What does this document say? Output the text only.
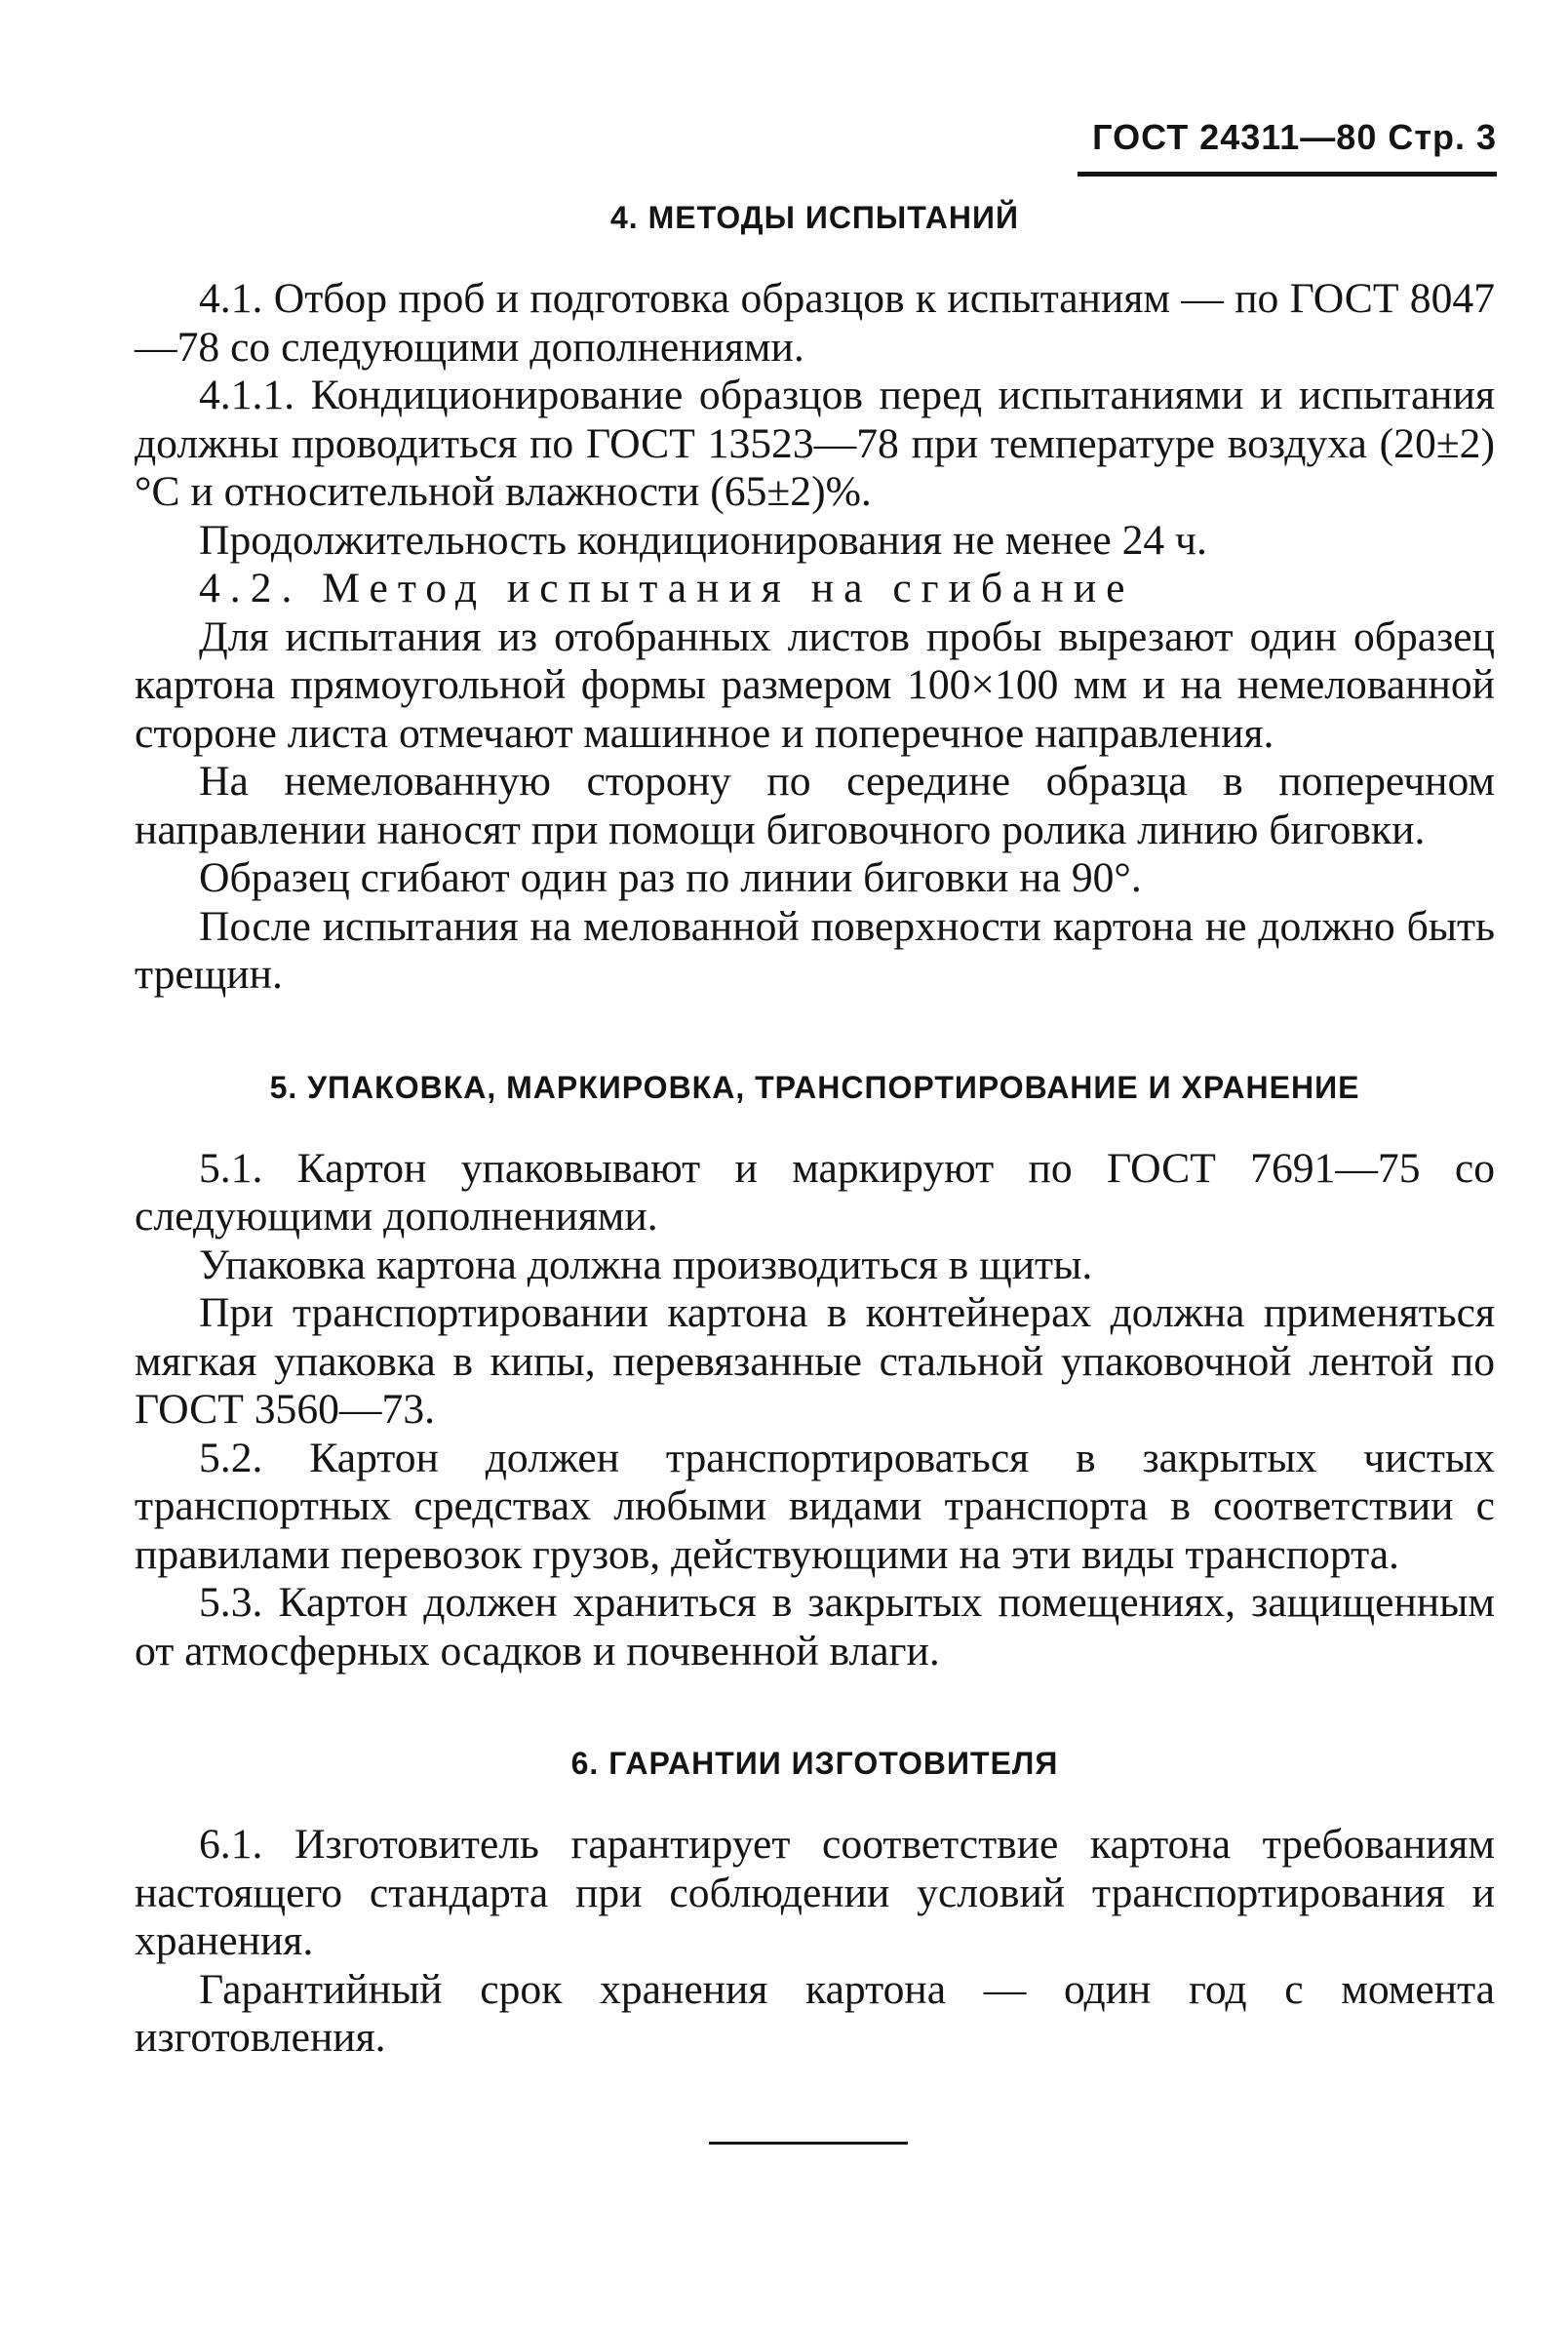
ГОСТ 24311—80 Стр. 3
4. МЕТОДЫ ИСПЫТАНИЙ

4.1. Отбор проб и подготовка образцов к испытаниям — по ГОСТ 8047—78 со следующими дополнениями.

4.1.1. Кондиционирование образцов перед испытаниями и испытания должны проводиться по ГОСТ 13523—78 при температуре воздуха (20±2)°С и относительной влажности (65±2)%.

Продолжительность кондиционирования не менее 24 ч.

4.2. Метод испытания на сгибание

Для испытания из отобранных листов пробы вырезают один образец картона прямоугольной формы размером 100×100 мм и на немелованной стороне листа отмечают машинное и поперечное направления.

На немелованную сторону по середине образца в поперечном направлении наносят при помощи биговочного ролика линию биговки.

Образец сгибают один раз по линии биговки на 90°.

После испытания на мелованной поверхности картона не должно быть трещин.

5. УПАКОВКА, МАРКИРОВКА, ТРАНСПОРТИРОВАНИЕ И ХРАНЕНИЕ

5.1. Картон упаковывают и маркируют по ГОСТ 7691—75 со следующими дополнениями.

Упаковка картона должна производиться в щиты.

При транспортировании картона в контейнерах должна применяться мягкая упаковка в кипы, перевязанные стальной упаковочной лентой по ГОСТ 3560—73.

5.2. Картон должен транспортироваться в закрытых чистых транспортных средствах любыми видами транспорта в соответствии с правилами перевозок грузов, действующими на эти виды транспорта.

5.3. Картон должен храниться в закрытых помещениях, защищенным от атмосферных осадков и почвенной влаги.

6. ГАРАНТИИ ИЗГОТОВИТЕЛЯ

6.1. Изготовитель гарантирует соответствие картона требованиям настоящего стандарта при соблюдении условий транспортирования и хранения.

Гарантийный срок хранения картона — один год с момента изготовления.
